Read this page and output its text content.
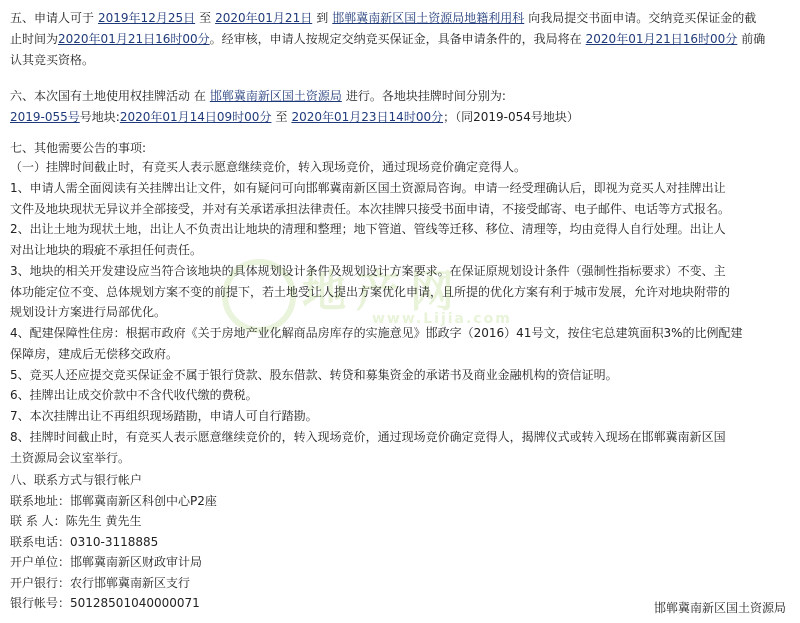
地产网
www.Lijia.com
五、申请人可于 2019年12月25日 至 2020年01月21日 到 邯郸冀南新区国土资源局地籍利用科 向我局提交书面申请。交纳竞买保证金的截
止时间为2020年01月21日16时00分。经审核，申请人按规定交纳竞买保证金，具备申请条件的，我局将在 2020年01月21日16时00分 前确
认其竞买资格。
六、本次国有土地使用权挂牌活动 在 邯郸冀南新区国土资源局 进行。各地块挂牌时间分别为:
2019-055号号地块:2020年01月14日09时00分 至 2020年01月23日14时00分；（同2019-054号地块）
七、其他需要公告的事项:
（一）挂牌时间截止时，有竞买人表示愿意继续竞价，转入现场竞价，通过现场竞价确定竞得人。
1、申请人需全面阅读有关挂牌出让文件，如有疑问可向邯郸冀南新区国土资源局咨询。申请一经受理确认后，即视为竞买人对挂牌出让
文件及地块现状无异议并全部接受，并对有关承诺承担法律责任。本次挂牌只接受书面申请，不接受邮寄、电子邮件、电话等方式报名。
2、出让土地为现状土地，出让人不负责出让地块的清理和整理；地下管道、管线等迁移、移位、清理等，均由竞得人自行处理。出让人
对出让地块的瑕疵不承担任何责任。
3、地块的相关开发建设应当符合该地块的具体规划设计条件及规划设计方案要求。在保证原规划设计条件（强制性指标要求）不变、主
体功能定位不变、总体规划方案不变的前提下，若土地受让人提出方案优化申请，且所提的优化方案有利于城市发展，允许对地块附带的
规划设计方案进行局部优化。
4、配建保障性住房：根据市政府《关于房地产业化解商品房库存的实施意见》邯政字（2016）41号文，按住宅总建筑面积3%的比例配建
保障房，建成后无偿移交政府。
5、竞买人还应提交竞买保证金不属于银行贷款、股东借款、转贷和募集资金的承诺书及商业金融机构的资信证明。
6、挂牌出让成交价款中不含代收代缴的费税。
7、本次挂牌出让不再组织现场踏勘，申请人可自行踏勘。
8、挂牌时间截止时，有竞买人表示愿意继续竞价的，转入现场竞价，通过现场竞价确定竞得人，揭牌仪式或转入现场在邯郸冀南新区国
土资源局会议室举行。
八、联系方式与银行帐户
联系地址：邯郸冀南新区科创中心P2座
联 系 人：陈先生 黄先生
联系电话：0310-3118885
开户单位：邯郸冀南新区财政审计局
开户银行：农行邯郸冀南新区支行
银行帐号：50128501040000071	邯郸冀南新区国土资源局
